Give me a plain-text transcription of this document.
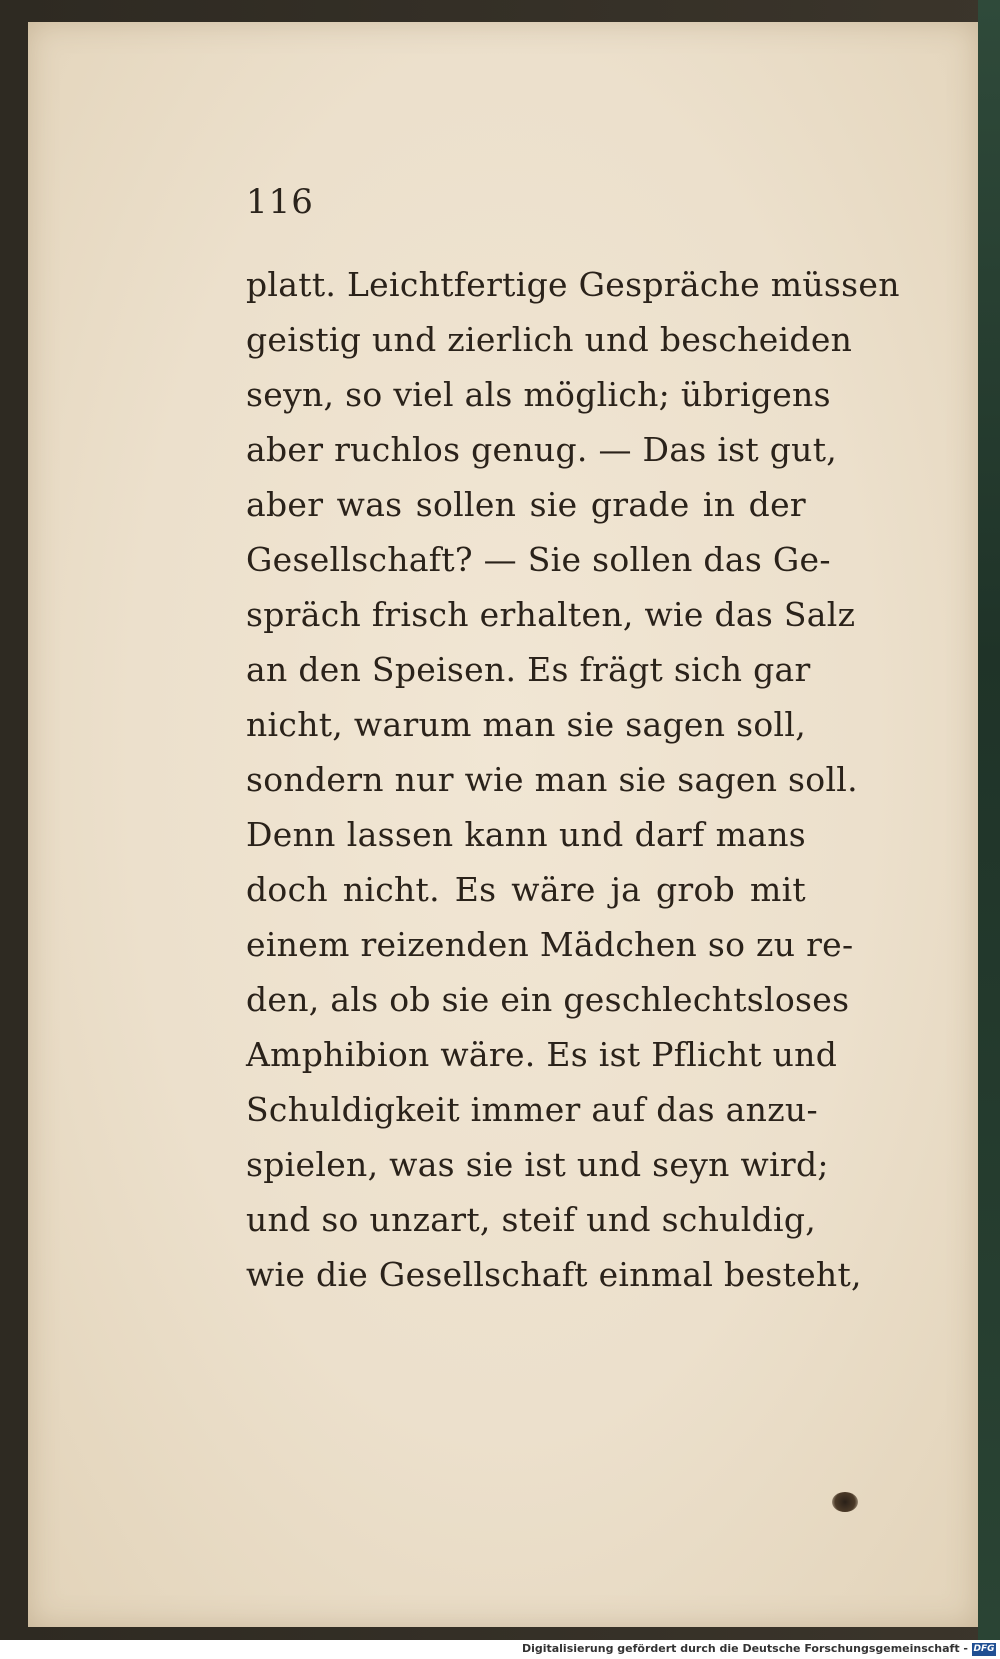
116
platt. Leichtfertige Gespräche müssen
geistig und zierlich und bescheiden
seyn, so viel als möglich; übrigens
aber ruchlos genug. — Das ist gut,
aber was sollen sie grade in der
Gesellschaft? — Sie sollen das Ge-
spräch frisch erhalten, wie das Salz
an den Speisen. Es frägt sich gar
nicht, warum man sie sagen soll,
sondern nur wie man sie sagen soll.
Denn lassen kann und darf mans
doch nicht. Es wäre ja grob mit
einem reizenden Mädchen so zu re-
den, als ob sie ein geschlechtsloses
Amphibion wäre. Es ist Pflicht und
Schuldigkeit immer auf das anzu-
spielen, was sie ist und seyn wird;
und so unzart, steif und schuldig,
wie die Gesellschaft einmal besteht,
Digitalisierung gefördert durch die Deutsche Forschungsgemeinschaft - DFG
